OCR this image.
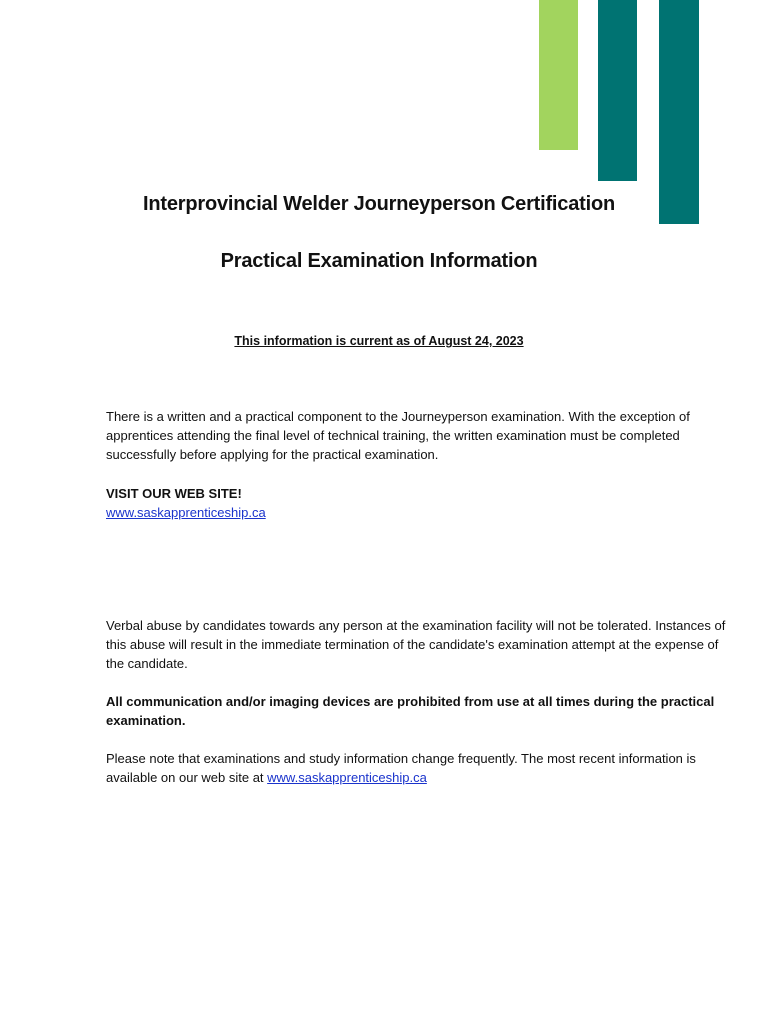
Interprovincial Welder Journeyperson Certification
Practical Examination Information

This information is current as of August 24, 2023

There is a written and a practical component to the Journeyperson examination. With the exception of apprentices attending the final level of technical training, the written examination must be completed successfully before applying for the practical examination.

VISIT OUR WEB SITE!

www.saskapprenticeship.ca

Verbal abuse by candidates towards any person at the examination facility will not be tolerated. Instances of this abuse will result in the immediate termination of the candidate's examination attempt at the expense of the candidate.

All communication and/or imaging devices are prohibited from use at all times during the practical examination.

Please note that examinations and study information change frequently. The most recent information is available on our web site at www.saskapprenticeship.ca
